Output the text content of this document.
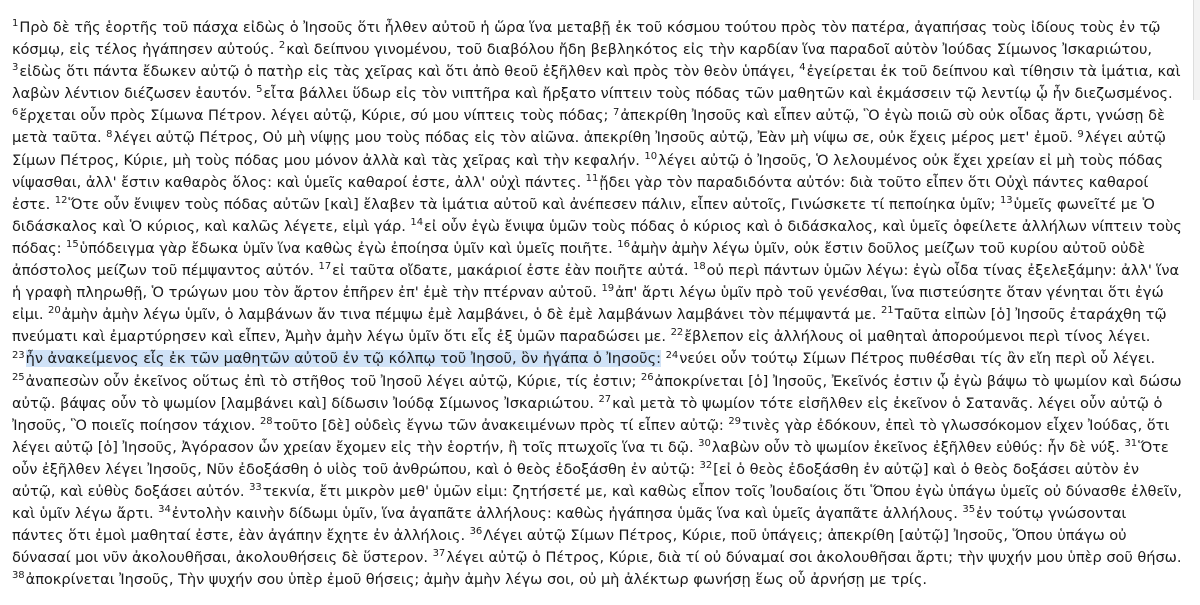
$^1$Πρὸ δὲ τῆς ἑορτῆς τοῦ πάσχα εἰδὼς ὁ Ἰησοῦς ὅτι ἦλθεν αὐτοῦ ἡ ὥρα ἵνα μεταβῇ ἐκ τοῦ κόσμου τούτου πρὸς τὸν πατέρα, ἀγαπήσας τοὺς ἰδίους τοὺς ἐν τῷ κόσμῳ, εἰς τέλος ἠγάπησεν αὐτούς. $^2$καὶ δείπνου γινομένου, τοῦ διαβόλου ἤδη βεβληκότος εἰς τὴν καρδίαν ἵνα παραδοῖ αὐτὸν Ἰούδας Σίμωνος Ἰσκαριώτου, $^3$εἰδὼς ὅτι πάντα ἔδωκεν αὐτῷ ὁ πατὴρ εἰς τὰς χεῖρας καὶ ὅτι ἀπὸ θεοῦ ἐξῆλθεν καὶ πρὸς τὸν θεὸν ὑπάγει, $^4$ἐγείρεται ἐκ τοῦ δείπνου καὶ τίθησιν τὰ ἱμάτια, καὶ λαβὼν λέντιον διέζωσεν ἑαυτόν. $^5$εἶτα βάλλει ὕδωρ εἰς τὸν νιπτῆρα καὶ ἤρξατο νίπτειν τοὺς πόδας τῶν μαθητῶν καὶ ἐκμάσσειν τῷ λεντίῳ ᾧ ἦν διεζωσμένος. $^6$ἔρχεται οὖν πρὸς Σίμωνα Πέτρον. λέγει αὐτῷ, Κύριε, σύ μου νίπτεις τοὺς πόδας; $^7$ἀπεκρίθη Ἰησοῦς καὶ εἶπεν αὐτῷ, Ὃ ἐγὼ ποιῶ σὺ οὐκ οἶδας ἄρτι, γνώσῃ δὲ μετὰ ταῦτα. $^8$λέγει αὐτῷ Πέτρος, Οὐ μὴ νίψῃς μου τοὺς πόδας εἰς τὸν αἰῶνα. ἀπεκρίθη Ἰησοῦς αὐτῷ, Ἐὰν μὴ νίψω σε, οὐκ ἔχεις μέρος μετ' ἐμοῦ. $^9$λέγει αὐτῷ Σίμων Πέτρος, Κύριε, μὴ τοὺς πόδας μου μόνον ἀλλὰ καὶ τὰς χεῖρας καὶ τὴν κεφαλήν. $^{10}$λέγει αὐτῷ ὁ Ἰησοῦς, Ὁ λελουμένος οὐκ ἔχει χρείαν εἰ μὴ τοὺς πόδας νίψασθαι, ἀλλ' ἔστιν καθαρὸς ὅλος: καὶ ὑμεῖς καθαροί ἐστε, ἀλλ' οὐχὶ πάντες. $^{11}$ᾔδει γὰρ τὸν παραδιδόντα αὐτόν: διὰ τοῦτο εἶπεν ὅτι Οὐχὶ πάντες καθαροί ἐστε. $^{12}$Ὅτε οὖν ἔνιψεν τοὺς πόδας αὐτῶν [καὶ] ἔλαβεν τὰ ἱμάτια αὐτοῦ καὶ ἀνέπεσεν πάλιν, εἶπεν αὐτοῖς, Γινώσκετε τί πεποίηκα ὑμῖν; $^{13}$ὑμεῖς φωνεῖτέ με Ὁ διδάσκαλος καὶ Ὁ κύριος, καὶ καλῶς λέγετε, εἰμὶ γάρ. $^{14}$εἰ οὖν ἐγὼ ἔνιψα ὑμῶν τοὺς πόδας ὁ κύριος καὶ ὁ διδάσκαλος, καὶ ὑμεῖς ὀφείλετε ἀλλήλων νίπτειν τοὺς πόδας: $^{15}$ὑπόδειγμα γὰρ ἔδωκα ὑμῖν ἵνα καθὼς ἐγὼ ἐποίησα ὑμῖν καὶ ὑμεῖς ποιῆτε. $^{16}$ἀμὴν ἀμὴν λέγω ὑμῖν, οὐκ ἔστιν δοῦλος μείζων τοῦ κυρίου αὐτοῦ οὐδὲ ἀπόστολος μείζων τοῦ πέμψαντος αὐτόν. $^{17}$εἰ ταῦτα οἴδατε, μακάριοί ἐστε ἐὰν ποιῆτε αὐτά. $^{18}$οὐ περὶ πάντων ὑμῶν λέγω: ἐγὼ οἶδα τίνας ἐξελεξάμην: ἀλλ' ἵνα ἡ γραφὴ πληρωθῇ, Ὁ τρώγων μου τὸν ἄρτον ἐπῆρεν ἐπ' ἐμὲ τὴν πτέρναν αὐτοῦ. $^{19}$ἀπ' ἄρτι λέγω ὑμῖν πρὸ τοῦ γενέσθαι, ἵνα πιστεύσητε ὅταν γένηται ὅτι ἐγώ εἰμι. $^{20}$ἀμὴν ἀμὴν λέγω ὑμῖν, ὁ λαμβάνων ἄν τινα πέμψω ἐμὲ λαμβάνει, ὁ δὲ ἐμὲ λαμβάνων λαμβάνει τὸν πέμψαντά με. $^{21}$Ταῦτα εἰπὼν [ὁ] Ἰησοῦς ἐταράχθη τῷ πνεύματι καὶ ἐμαρτύρησεν καὶ εἶπεν, Ἀμὴν ἀμὴν λέγω ὑμῖν ὅτι εἷς ἐξ ὑμῶν παραδώσει με. $^{22}$ἔβλεπον εἰς ἀλλήλους οἱ μαθηταὶ ἀπορούμενοι περὶ τίνος λέγει. $^{23}$ἦν ἀνακείμενος εἷς ἐκ τῶν μαθητῶν αὐτοῦ ἐν τῷ κόλπῳ τοῦ Ἰησοῦ, ὃν ἠγάπα ὁ Ἰησοῦς: $^{24}$νεύει οὖν τούτῳ Σίμων Πέτρος πυθέσθαι τίς ἂν εἴη περὶ οὗ λέγει. $^{25}$ἀναπεσὼν οὖν ἐκεῖνος οὕτως ἐπὶ τὸ στῆθος τοῦ Ἰησοῦ λέγει αὐτῷ, Κύριε, τίς ἐστιν; $^{26}$ἀποκρίνεται [ὁ] Ἰησοῦς, Ἐκεῖνός ἐστιν ᾧ ἐγὼ βάψω τὸ ψωμίον καὶ δώσω αὐτῷ. βάψας οὖν τὸ ψωμίον [λαμβάνει καὶ] δίδωσιν Ἰούδᾳ Σίμωνος Ἰσκαριώτου. $^{27}$καὶ μετὰ τὸ ψωμίον τότε εἰσῆλθεν εἰς ἐκεῖνον ὁ Σατανᾶς. λέγει οὖν αὐτῷ ὁ Ἰησοῦς, Ὃ ποιεῖς ποίησον τάχιον. $^{28}$τοῦτο [δὲ] οὐδεὶς ἔγνω τῶν ἀνακειμένων πρὸς τί εἶπεν αὐτῷ: $^{29}$τινὲς γὰρ ἐδόκουν, ἐπεὶ τὸ γλωσσόκομον εἶχεν Ἰούδας, ὅτι λέγει αὐτῷ [ὁ] Ἰησοῦς, Ἀγόρασον ὧν χρείαν ἔχομεν εἰς τὴν ἑορτήν, ἢ τοῖς πτωχοῖς ἵνα τι δῷ. $^{30}$λαβὼν οὖν τὸ ψωμίον ἐκεῖνος ἐξῆλθεν εὐθύς: ἦν δὲ νύξ. $^{31}$Ὅτε οὖν ἐξῆλθεν λέγει Ἰησοῦς, Νῦν ἐδοξάσθη ὁ υἱὸς τοῦ ἀνθρώπου, καὶ ὁ θεὸς ἐδοξάσθη ἐν αὐτῷ: $^{32}$[εἰ ὁ θεὸς ἐδοξάσθη ἐν αὐτῷ] καὶ ὁ θεὸς δοξάσει αὐτὸν ἐν αὐτῷ, καὶ εὐθὺς δοξάσει αὐτόν. $^{33}$τεκνία, ἔτι μικρὸν μεθ' ὑμῶν εἰμι: ζητήσετέ με, καὶ καθὼς εἶπον τοῖς Ἰουδαίοις ὅτι Ὅπου ἐγὼ ὑπάγω ὑμεῖς οὐ δύνασθε ἐλθεῖν, καὶ ὑμῖν λέγω ἄρτι. $^{34}$ἐντολὴν καινὴν δίδωμι ὑμῖν, ἵνα ἀγαπᾶτε ἀλλήλους: καθὼς ἠγάπησα ὑμᾶς ἵνα καὶ ὑμεῖς ἀγαπᾶτε ἀλλήλους. $^{35}$ἐν τούτῳ γνώσονται πάντες ὅτι ἐμοὶ μαθηταί ἐστε, ἐὰν ἀγάπην ἔχητε ἐν ἀλλήλοις. $^{36}$Λέγει αὐτῷ Σίμων Πέτρος, Κύριε, ποῦ ὑπάγεις; ἀπεκρίθη [αὐτῷ] Ἰησοῦς, Ὅπου ὑπάγω οὐ δύνασαί μοι νῦν ἀκολουθῆσαι, ἀκολουθήσεις δὲ ὕστερον. $^{37}$λέγει αὐτῷ ὁ Πέτρος, Κύριε, διὰ τί οὐ δύναμαί σοι ἀκολουθῆσαι ἄρτι; τὴν ψυχήν μου ὑπὲρ σοῦ θήσω. $^{38}$ἀποκρίνεται Ἰησοῦς, Τὴν ψυχήν σου ὑπὲρ ἐμοῦ θήσεις; ἀμὴν ἀμὴν λέγω σοι, οὐ μὴ ἀλέκτωρ φωνήσῃ ἕως οὗ ἀρνήσῃ με τρίς.
